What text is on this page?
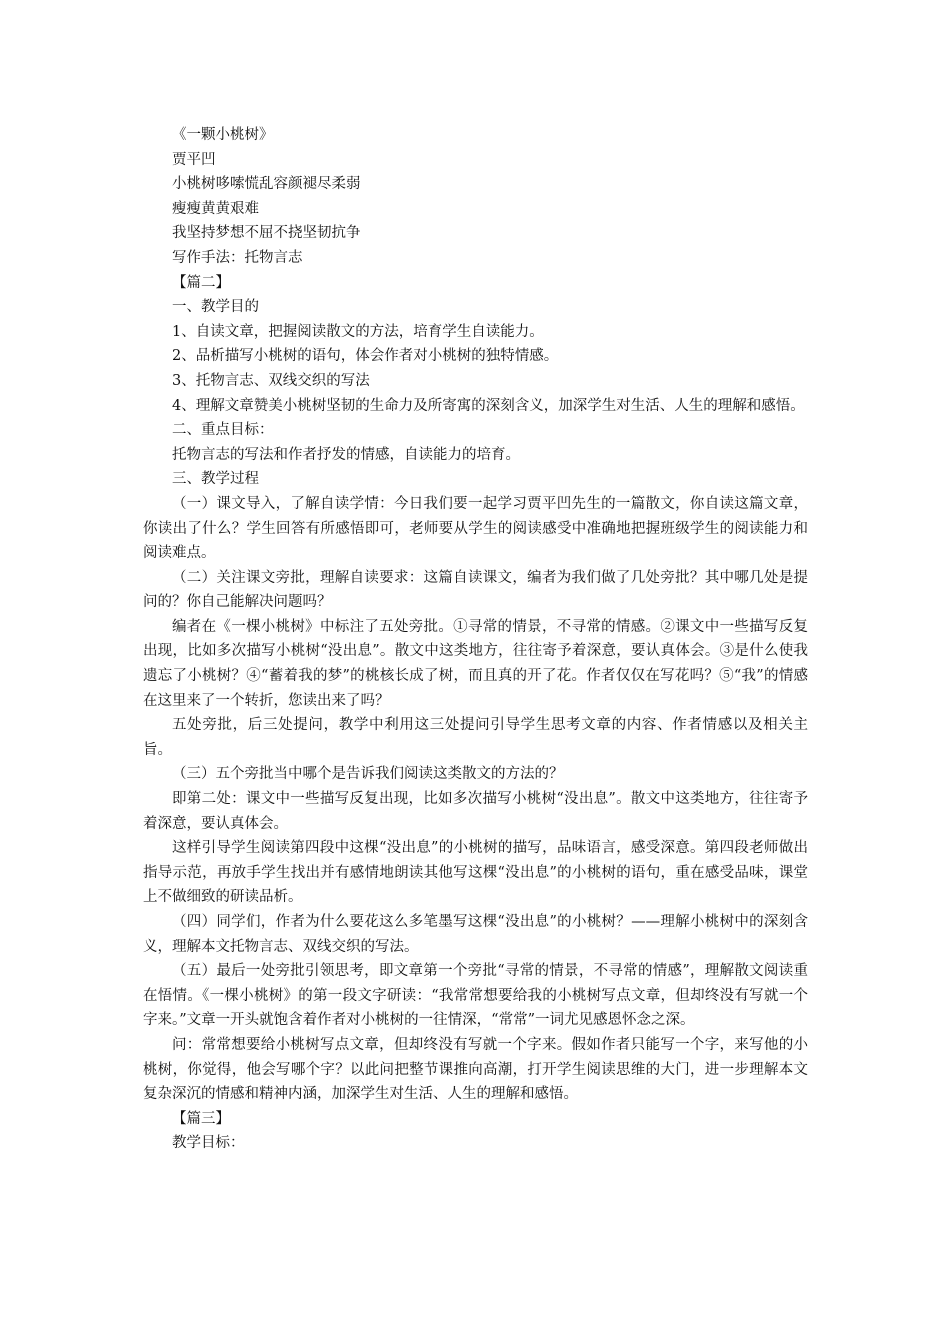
《一颗小桃树》

贾平凹

小桃树哆嗦慌乱容颜褪尽柔弱

瘦瘦黄黄艰难

我坚持梦想不屈不挠坚韧抗争

写作手法：托物言志

【篇二】

一、教学目的

1、自读文章，把握阅读散文的方法，培育学生自读能力。

2、品析描写小桃树的语句，体会作者对小桃树的独特情感。

3、托物言志、双线交织的写法

4、理解文章赞美小桃树坚韧的生命力及所寄寓的深刻含义，加深学生对生活、人生的理解和感悟。

二、重点目标：

托物言志的写法和作者抒发的情感，自读能力的培育。

三、教学过程

（一）课文导入，了解自读学情：今日我们要一起学习贾平凹先生的一篇散文，你自读这篇文章，你读出了什么？学生回答有所感悟即可，老师要从学生的阅读感受中准确地把握班级学生的阅读能力和阅读难点。

（二）关注课文旁批，理解自读要求：这篇自读课文，编者为我们做了几处旁批？其中哪几处是提问的？你自己能解决问题吗？

编者在《一棵小桃树》中标注了五处旁批。①寻常的情景，不寻常的情感。②课文中一些描写反复出现，比如多次描写小桃树“没出息”。散文中这类地方，往往寄予着深意，要认真体会。③是什么使我遗忘了小桃树？④“蓄着我的梦”的桃核长成了树，而且真的开了花。作者仅仅在写花吗？⑤“我”的情感在这里来了一个转折，您读出来了吗？

五处旁批，后三处提问，教学中利用这三处提问引导学生思考文章的内容、作者情感以及相关主旨。

（三）五个旁批当中哪个是告诉我们阅读这类散文的方法的？

即第二处：课文中一些描写反复出现，比如多次描写小桃树“没出息”。散文中这类地方，往往寄予着深意，要认真体会。

这样引导学生阅读第四段中这棵“没出息”的小桃树的描写，品味语言，感受深意。第四段老师做出指导示范，再放手学生找出并有感情地朗读其他写这棵“没出息”的小桃树的语句，重在感受品味，课堂上不做细致的研读品析。

（四）同学们，作者为什么要花这么多笔墨写这棵“没出息”的小桃树？——理解小桃树中的深刻含义，理解本文托物言志、双线交织的写法。

（五）最后一处旁批引领思考，即文章第一个旁批“寻常的情景，不寻常的情感”，理解散文阅读重在悟情。《一棵小桃树》的第一段文字研读：“我常常想要给我的小桃树写点文章，但却终没有写就一个字来。”文章一开头就饱含着作者对小桃树的一往情深，“常常”一词尤见感恩怀念之深。

问：常常想要给小桃树写点文章，但却终没有写就一个字来。假如作者只能写一个字，来写他的小桃树，你觉得，他会写哪个字？以此问把整节课推向高潮，打开学生阅读思维的大门，进一步理解本文复杂深沉的情感和精神内涵，加深学生对生活、人生的理解和感悟。

【篇三】

教学目标：
